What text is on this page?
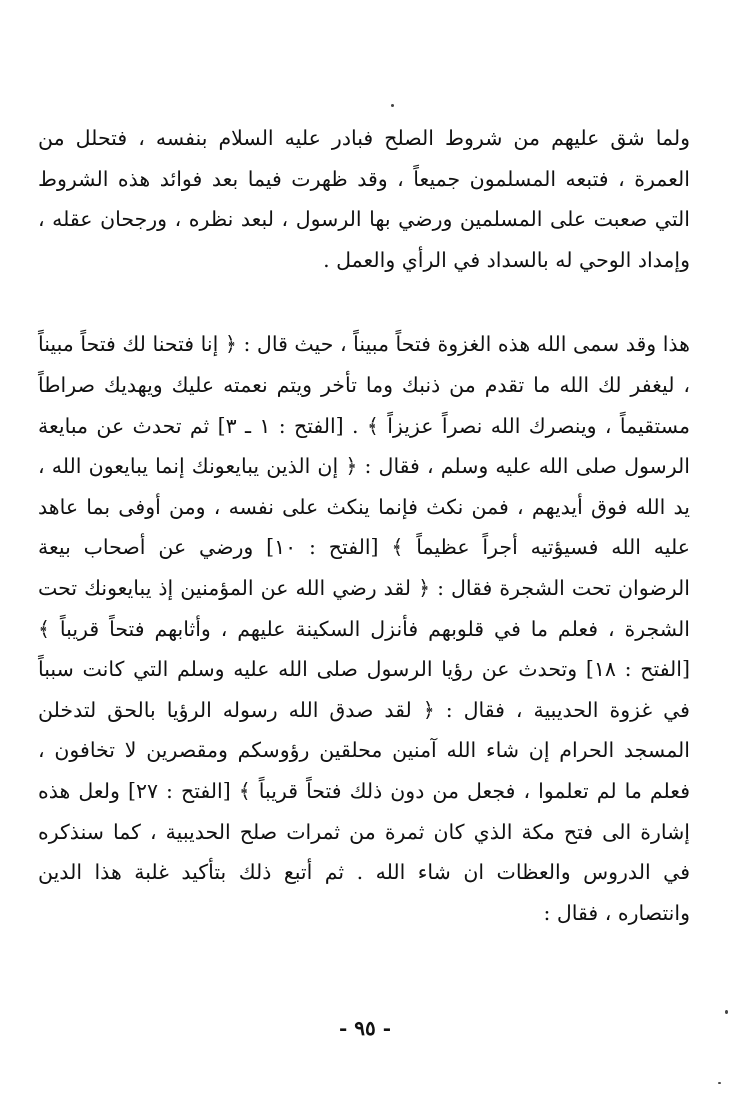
ولما شق عليهم من شروط الصلح فبادر عليه السلام بنفسه ، فتحلل من العمرة ، فتبعه المسلمون جميعاً ، وقد ظهرت فيما بعد فوائد هذه الشروط التي صعبت على المسلمين ورضي بها الرسول ، لبعد نظره ، ورجحان عقله ، وإمداد الوحي له بالسداد في الرأي والعمل .

هذا وقد سمى الله هذه الغزوة فتحاً مبيناً ، حيث قال : ﴿ إنا فتحنا لك فتحاً مبيناً ، ليغفر لك الله ما تقدم من ذنبك وما تأخر ويتم نعمته عليك ويهديك صراطاً مستقيماً ، وينصرك الله نصراً عزيزاً ﴾ . [الفتح : ١ ـ ٣] ثم تحدث عن مبايعة الرسول صلى الله عليه وسلم ، فقال : ﴿ إن الذين يبايعونك إنما يبايعون الله ، يد الله فوق أيديهم ، فمن نكث فإنما ينكث على نفسه ، ومن أوفى بما عاهد عليه الله فسيؤتيه أجراً عظيماً ﴾ [الفتح : ١٠] ورضي عن أصحاب بيعة الرضوان تحت الشجرة فقال : ﴿ لقد رضي الله عن المؤمنين إذ يبايعونك تحت الشجرة ، فعلم ما في قلوبهم فأنزل السكينة عليهم ، وأثابهم فتحاً قريباً ﴾ [الفتح : ١٨] وتحدث عن رؤيا الرسول صلى الله عليه وسلم التي كانت سبباً في غزوة الحديبية ، فقال : ﴿ لقد صدق الله رسوله الرؤيا بالحق لتدخلن المسجد الحرام إن شاء الله آمنين محلقين رؤوسكم ومقصرين لا تخافون ، فعلم ما لم تعلموا ، فجعل من دون ذلك فتحاً قريباً ﴾ [الفتح : ٢٧] ولعل هذه إشارة الى فتح مكة الذي كان ثمرة من ثمرات صلح الحديبية ، كما سنذكره في الدروس والعظات ان شاء الله . ثم أتبع ذلك بتأكيد غلبة هذا الدين وانتصاره ، فقال :

- ٩٥ -
